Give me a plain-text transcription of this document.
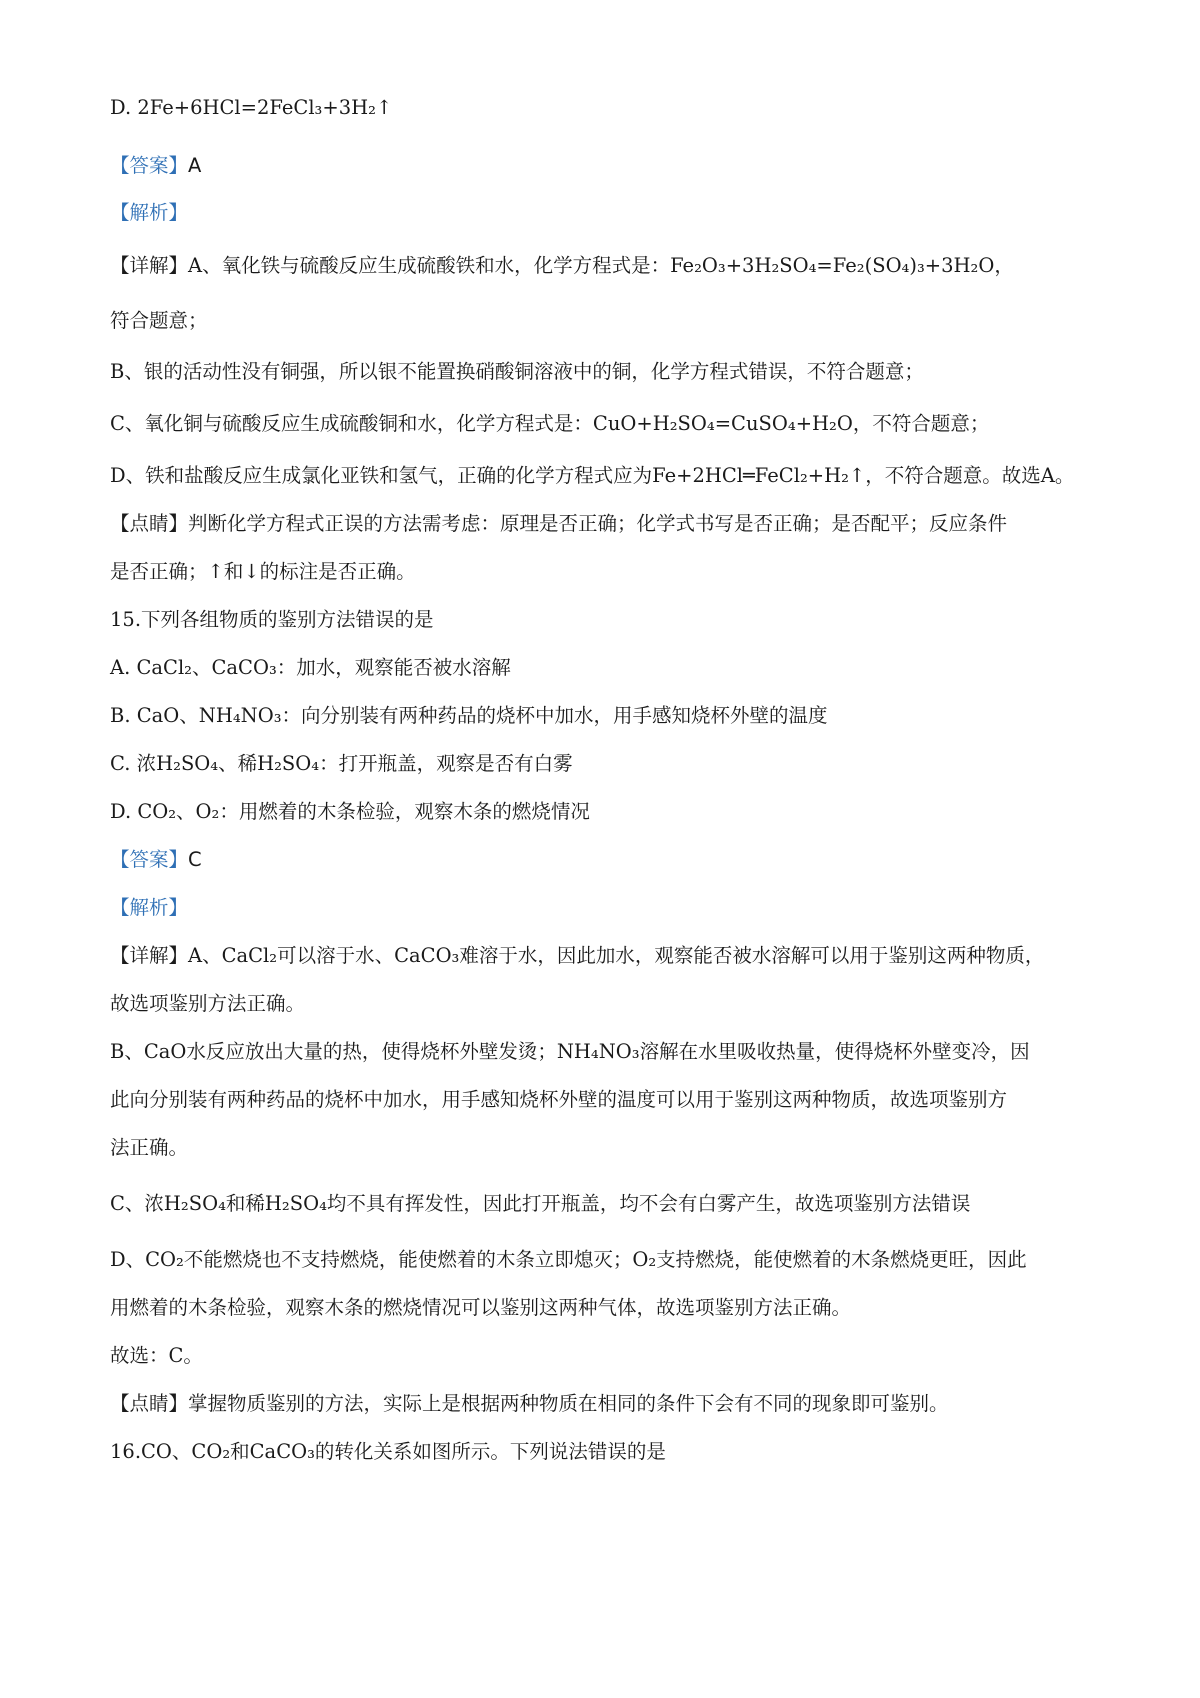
D. 2Fe+6HCl=2FeCl₃+3H₂↑
【答案】A
【解析】
【详解】A、氧化铁与硫酸反应生成硫酸铁和水，化学方程式是：Fe₂O₃+3H₂SO₄=Fe₂(SO₄)₃+3H₂O，
符合题意；
B、银的活动性没有铜强，所以银不能置换硝酸铜溶液中的铜，化学方程式错误，不符合题意；
C、氧化铜与硫酸反应生成硫酸铜和水，化学方程式是：CuO+H₂SO₄=CuSO₄+H₂O，不符合题意；
D、铁和盐酸反应生成氯化亚铁和氢气，正确的化学方程式应为Fe+2HCl═FeCl₂+H₂↑，不符合题意。故选A。
【点睛】判断化学方程式正误的方法需考虑：原理是否正确；化学式书写是否正确；是否配平；反应条件
是否正确；↑和↓的标注是否正确。
15.下列各组物质的鉴别方法错误的是
A. CaCl₂、CaCO₃：加水，观察能否被水溶解
B. CaO、NH₄NO₃：向分别装有两种药品的烧杯中加水，用手感知烧杯外壁的温度
C. 浓H₂SO₄、稀H₂SO₄：打开瓶盖，观察是否有白雾
D. CO₂、O₂：用燃着的木条检验，观察木条的燃烧情况
【答案】C
【解析】
【详解】A、CaCl₂可以溶于水、CaCO₃难溶于水，因此加水，观察能否被水溶解可以用于鉴别这两种物质，
故选项鉴别方法正确。
B、CaO水反应放出大量的热，使得烧杯外壁发烫；NH₄NO₃溶解在水里吸收热量，使得烧杯外壁变冷，因
此向分别装有两种药品的烧杯中加水，用手感知烧杯外壁的温度可以用于鉴别这两种物质，故选项鉴别方
法正确。
C、浓H₂SO₄和稀H₂SO₄均不具有挥发性，因此打开瓶盖，均不会有白雾产生，故选项鉴别方法错误
D、CO₂不能燃烧也不支持燃烧，能使燃着的木条立即熄灭；O₂支持燃烧，能使燃着的木条燃烧更旺，因此
用燃着的木条检验，观察木条的燃烧情况可以鉴别这两种气体，故选项鉴别方法正确。
故选：C。
【点睛】掌握物质鉴别的方法，实际上是根据两种物质在相同的条件下会有不同的现象即可鉴别。
16.CO、CO₂和CaCO₃的转化关系如图所示。下列说法错误的是
